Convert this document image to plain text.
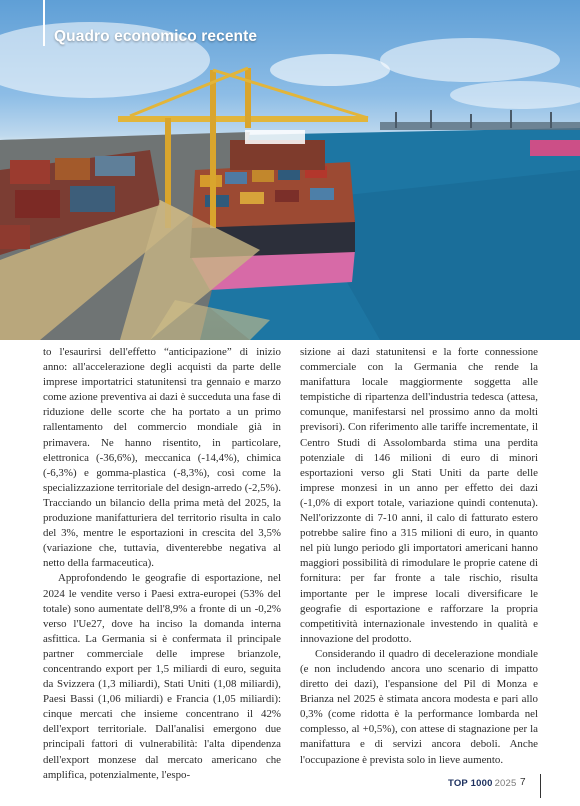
Quadro economico recente

to l'esaurirsi dell'effetto “anticipazione” di inizio anno: all'accelerazione degli acquisti da parte delle imprese importatrici statunitensi tra gennaio e marzo come azione preventiva ai dazi è succeduta una fase di riduzione delle scorte che ha portato a un primo rallentamento del commercio mondiale già in primavera. Ne hanno risentito, in particolare, elettronica (-36,6%), meccanica (-14,4%), chimica (-6,3%) e gomma-plastica (-8,3%), così come la specializzazione territoriale del design-arredo (-2,5%). Tracciando un bilancio della prima metà del 2025, la produzione manifatturiera del territorio risulta in calo del 3%, mentre le esportazioni in crescita del 3,5% (variazione che, tuttavia, diventerebbe negativa al netto della farmaceutica).

Approfondendo le geografie di esportazione, nel 2024 le vendite verso i Paesi extra-europei (53% del totale) sono aumentate dell'8,9% a fronte di un -0,2% verso l'Ue27, dove ha inciso la domanda interna asfittica. La Germania si è confermata il principale partner commerciale delle imprese brianzole, concentrando export per 1,5 miliardi di euro, seguita da Svizzera (1,3 miliardi), Stati Uniti (1,08 miliardi), Paesi Bassi (1,06 miliardi) e Francia (1,05 miliardi): cinque mercati che insieme concentrano il 42% dell'export territoriale. Dall'analisi emergono due principali fattori di vulnerabilità: l'alta dipendenza dell'export monzese dal mercato americano che amplifica, potenzialmente, l'espo-

sizione ai dazi statunitensi e la forte connessione commerciale con la Germania che rende la manifattura locale maggiormente soggetta alle tempistiche di ripartenza dell'industria tedesca (attesa, comunque, manifestarsi nel prossimo anno da molti previsori). Con riferimento alle tariffe incrementate, il Centro Studi di Assolombarda stima una perdita potenziale di 146 milioni di euro di minori esportazioni verso gli Stati Uniti da parte delle imprese monzesi in un anno per effetto dei dazi (-1,0% di export totale, variazione quindi contenuta). Nell'orizzonte di 7-10 anni, il calo di fatturato estero potrebbe salire fino a 315 milioni di euro, in quanto nel più lungo periodo gli importatori americani hanno maggiori possibilità di rimodulare le proprie catene di fornitura: per far fronte a tale rischio, risulta importante per le imprese locali diversificare le geografie di esportazione e rafforzare la propria competitività internazionale investendo in qualità e innovazione del prodotto.

Considerando il quadro di decelerazione mondiale (e non includendo ancora uno scenario di impatto diretto dei dazi), l'espansione del Pil di Monza e Brianza nel 2025 è stimata ancora modesta e pari allo 0,3% (come ridotta è la performance lombarda nel complesso, al +0,5%), con attese di stagnazione per la manifattura e di servizi ancora deboli. Anche l'occupazione è prevista solo in lieve aumento.

TOP 1000 2025 7
